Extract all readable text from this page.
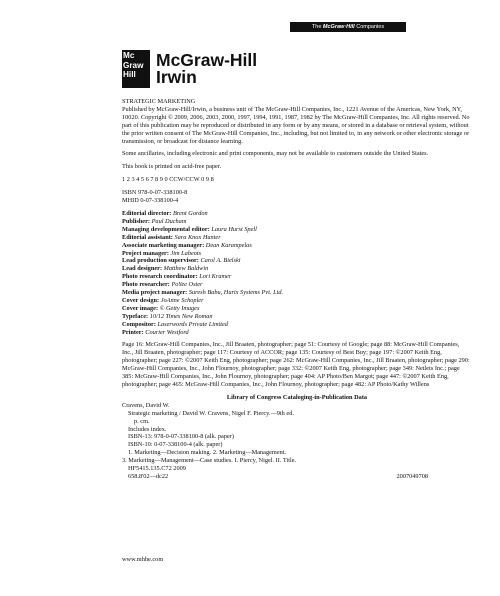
The McGraw·Hill Companies
Mc
Graw
Hill
McGraw-Hill
Irwin

STRATEGIC MARKETING

Published by McGraw-Hill/Irwin, a business unit of The McGraw-Hill Companies, Inc., 1221 Avenue of the Americas, New York, NY, 10020. Copyright © 2009, 2006, 2003, 2000, 1997, 1994, 1991, 1987, 1982 by The McGraw-Hill Companies, Inc. All rights reserved. No part of this publication may be reproduced or distributed in any form or by any means, or stored in a database or retrieval system, without the prior written consent of The McGraw-Hill Companies, Inc., including, but not limited to, in any network or other electronic storage or transmission, or broadcast for distance learning.

Some ancillaries, including electronic and print components, may not be available to customers outside the United States.

This book is printed on acid-free paper.

1 2 3 4 5 6 7 8 9 0 CCW/CCW 0 9 8

ISBN 978-0-07-338100-8

MHID 0-07-338100-4

Editorial director: Brent Gordon

Publisher: Paul Ducham

Managing developmental editor: Laura Hurst Spell

Editorial assistant: Sara Knox Hunter

Associate marketing manager: Dean Karampelas

Project manager: Jim Labeots

Lead production supervisor: Carol A. Bielski

Lead designer: Matthew Baldwin

Photo research coordinator: Lori Kramer

Photo researcher: PoYee Oster

Media project manager: Suresh Babu, Hurix Systems Pvt. Ltd.

Cover design: JoAnne Schopler

Cover image: © Getty Images

Typeface: 10/12 Times New Roman

Compositor: Laserwords Private Limited

Printer: Courier Westford

Page 16: McGraw-Hill Companies, Inc., Jill Braaten, photographer; page 51: Courtesy of Google; page 88: McGraw-Hill Companies, Inc., Jill Braaten, photographer; page 117: Courtesy of ACCOR; page 135: Courtesy of Best Buy; page 197: ©2007 Keith Eng, photographer; page 227: ©2007 Keith Eng, photographer; page 262: McGraw-Hill Companies, Inc., Jill Braaten, photographer; page 290: McGraw-Hill Companies, Inc., John Flournoy, photographer; page 332: ©2007 Keith Eng, photographer; page 349: Netlets Inc.; page 385: McGraw-Hill Companies, Inc., John Flournoy, photographer; page 404: AP Photo/Ben Margot; page 447: ©2007 Keith Eng, photographer; page 465: McGraw-Hill Companies, Inc., John Flournoy, photographer; page 482: AP Photo/Kathy Willens

Library of Congress Cataloging-in-Publication Data

Cravens, David W.

Strategic marketing / David W. Cravens, Nigel F. Piercy.—9th ed.

p. cm.

Includes index.

ISBN-13: 978-0-07-338100-8 (alk. paper)

ISBN-10: 0-07-338100-4 (alk. paper)

1. Marketing—Decision making. 2. Marketing—Management.

3. Marketing—Management—Case studies. I. Piercy, Nigel. II. Title.

HF5415.135.C72 2009

658.8'02—dc22	2007049708
www.mhhe.com
